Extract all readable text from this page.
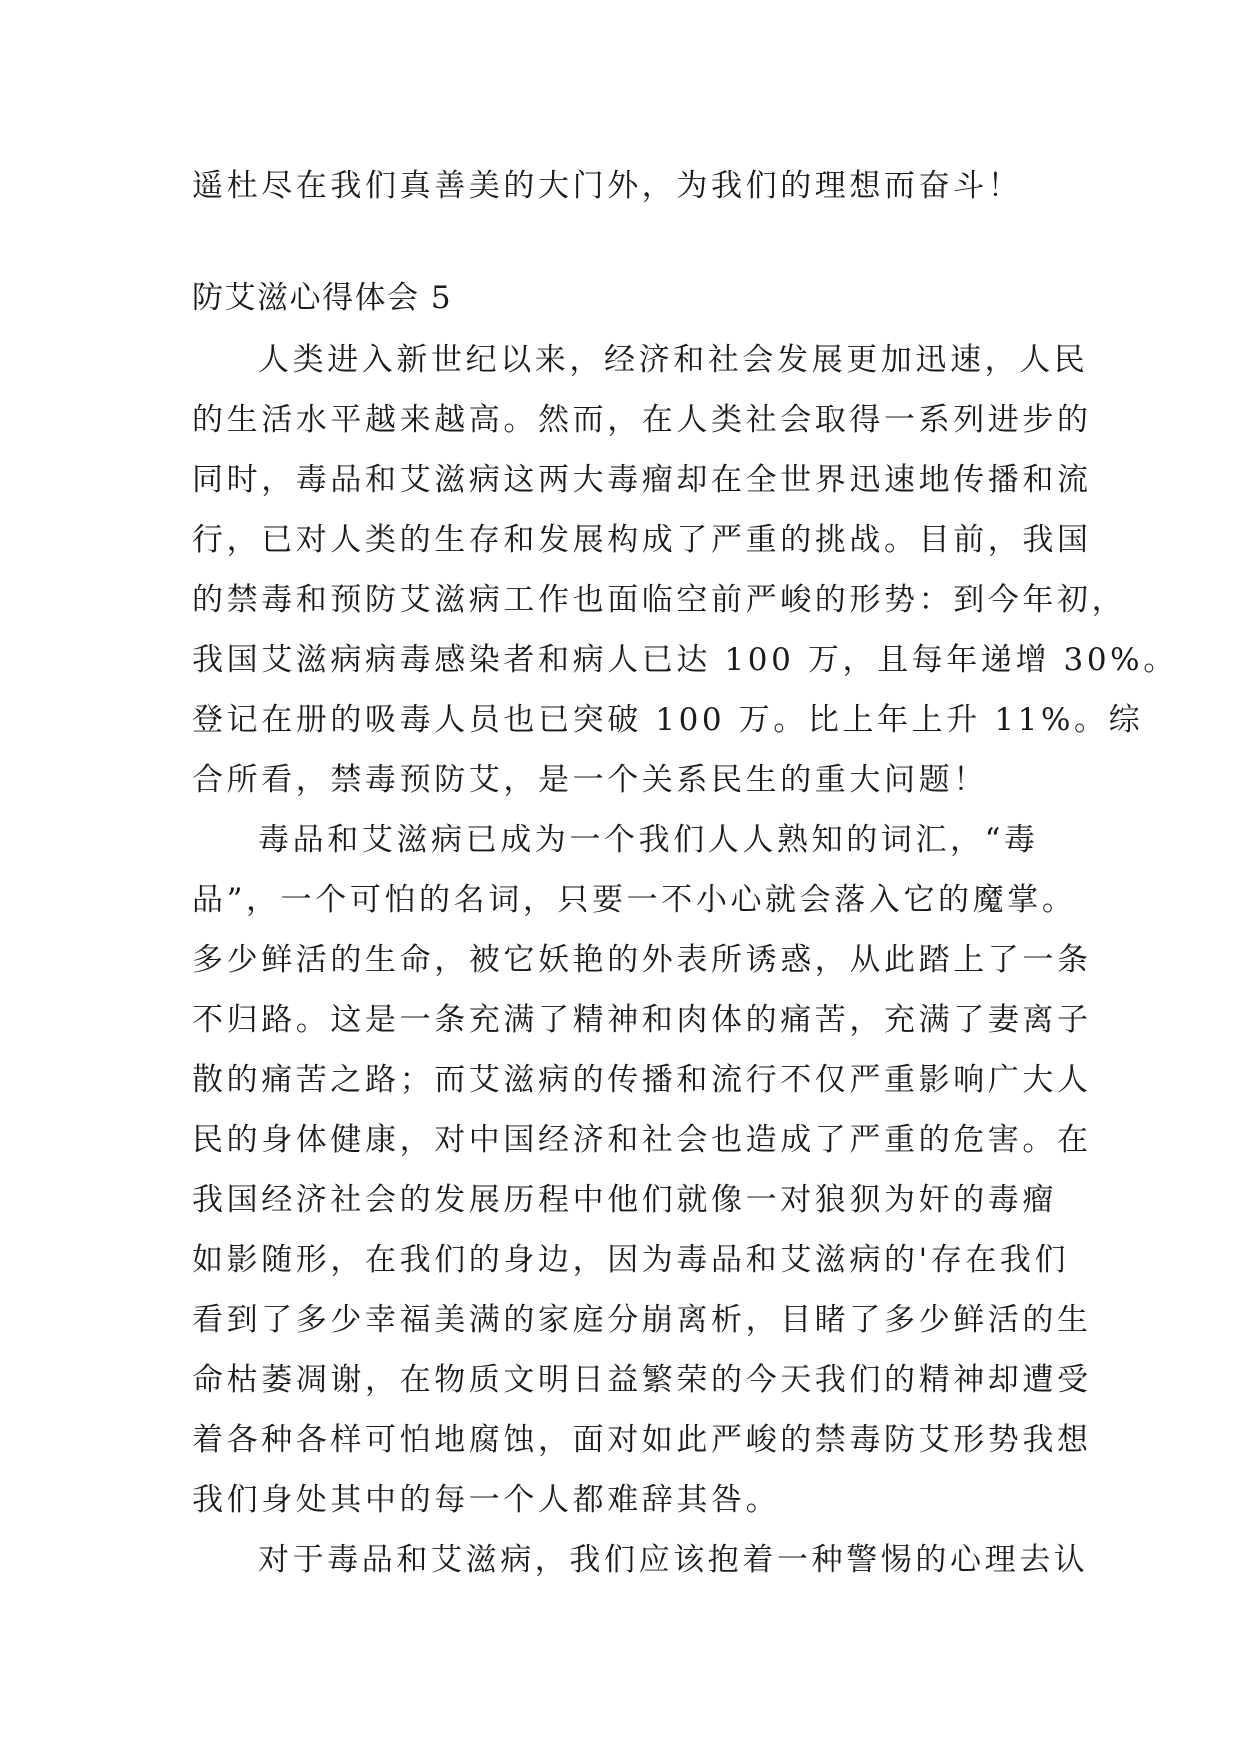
遥杜尽在我们真善美的大门外，为我们的理想而奋斗！
防艾滋心得体会 5
人类进入新世纪以来，经济和社会发展更加迅速，人民
的生活水平越来越高。然而，在人类社会取得一系列进步的
同时，毒品和艾滋病这两大毒瘤却在全世界迅速地传播和流
行，已对人类的生存和发展构成了严重的挑战。目前，我国
的禁毒和预防艾滋病工作也面临空前严峻的形势：到今年初，
我国艾滋病病毒感染者和病人已达 100 万，且每年递增 30%。
登记在册的吸毒人员也已突破 100 万。比上年上升 11%。综
合所看，禁毒预防艾，是一个关系民生的重大问题！
毒品和艾滋病已成为一个我们人人熟知的词汇，“毒
品”，一个可怕的名词，只要一不小心就会落入它的魔掌。
多少鲜活的生命，被它妖艳的外表所诱惑，从此踏上了一条
不归路。这是一条充满了精神和肉体的痛苦，充满了妻离子
散的痛苦之路；而艾滋病的传播和流行不仅严重影响广大人
民的身体健康，对中国经济和社会也造成了严重的危害。在
我国经济社会的发展历程中他们就像一对狼狈为奸的毒瘤
如影随形，在我们的身边，因为毒品和艾滋病的'存在我们
看到了多少幸福美满的家庭分崩离析，目睹了多少鲜活的生
命枯萎凋谢，在物质文明日益繁荣的今天我们的精神却遭受
着各种各样可怕地腐蚀，面对如此严峻的禁毒防艾形势我想
我们身处其中的每一个人都难辞其咎。
对于毒品和艾滋病，我们应该抱着一种警惕的心理去认
